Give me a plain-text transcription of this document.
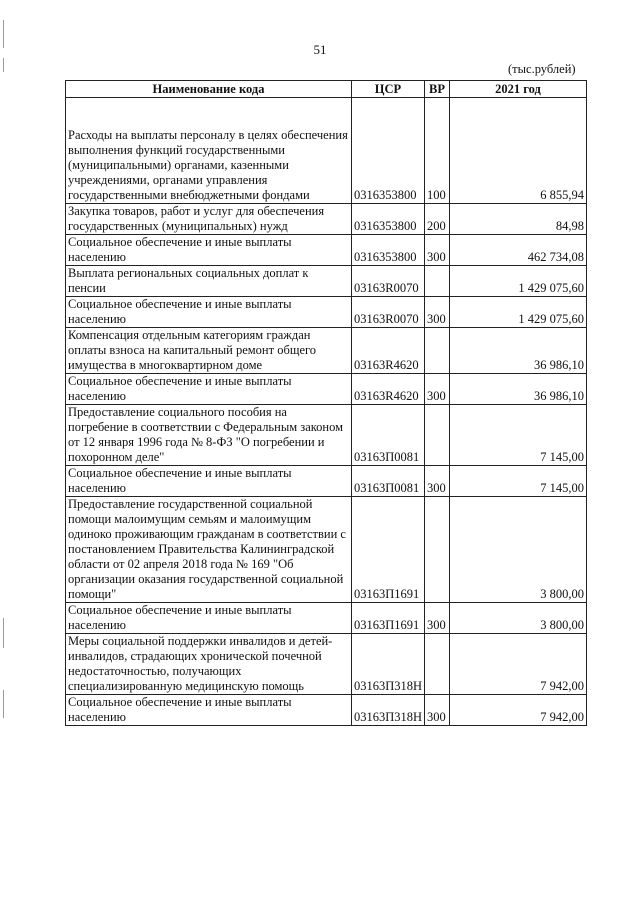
51
(тыс.рублей)
Наименование кода	ЦСР	ВР	2021 год
Расходы на выплаты персоналу в целях обеспечения выполнения функций государственными (муниципальными) органами, казенными учреждениями, органами управления государственными внебюджетными фондами	0316353800	100	6 855,94
Закупка товаров, работ и услуг для обеспечения государственных (муниципальных) нужд	0316353800	200	84,98
Социальное обеспечение и иные выплаты населению	0316353800	300	462 734,08
Выплата региональных социальных доплат к пенсии	03163R0070		1 429 075,60
Социальное обеспечение и иные выплаты населению	03163R0070	300	1 429 075,60
Компенсация отдельным категориям граждан оплаты взноса на капитальный ремонт общего имущества в многоквартирном доме	03163R4620		36 986,10
Социальное обеспечение и иные выплаты населению	03163R4620	300	36 986,10
Предоставление социального пособия на погребение в соответствии с Федеральным законом от 12 января 1996 года № 8-ФЗ "О погребении и похоронном деле"	03163П0081		7 145,00
Социальное обеспечение и иные выплаты населению	03163П0081	300	7 145,00
Предоставление государственной социальной помощи малоимущим семьям и малоимущим одиноко проживающим гражданам в соответствии с постановлением Правительства Калининградской области от 02 апреля 2018 года № 169 "Об организации оказания государственной социальной помощи"	03163П1691		3 800,00
Социальное обеспечение и иные выплаты населению	03163П1691	300	3 800,00
Меры социальной поддержки инвалидов и детей-инвалидов, страдающих хронической почечной недостаточностью, получающих специализированную медицинскую помощь	03163П318Н		7 942,00
Социальное обеспечение и иные выплаты населению	03163П318Н	300	7 942,00
